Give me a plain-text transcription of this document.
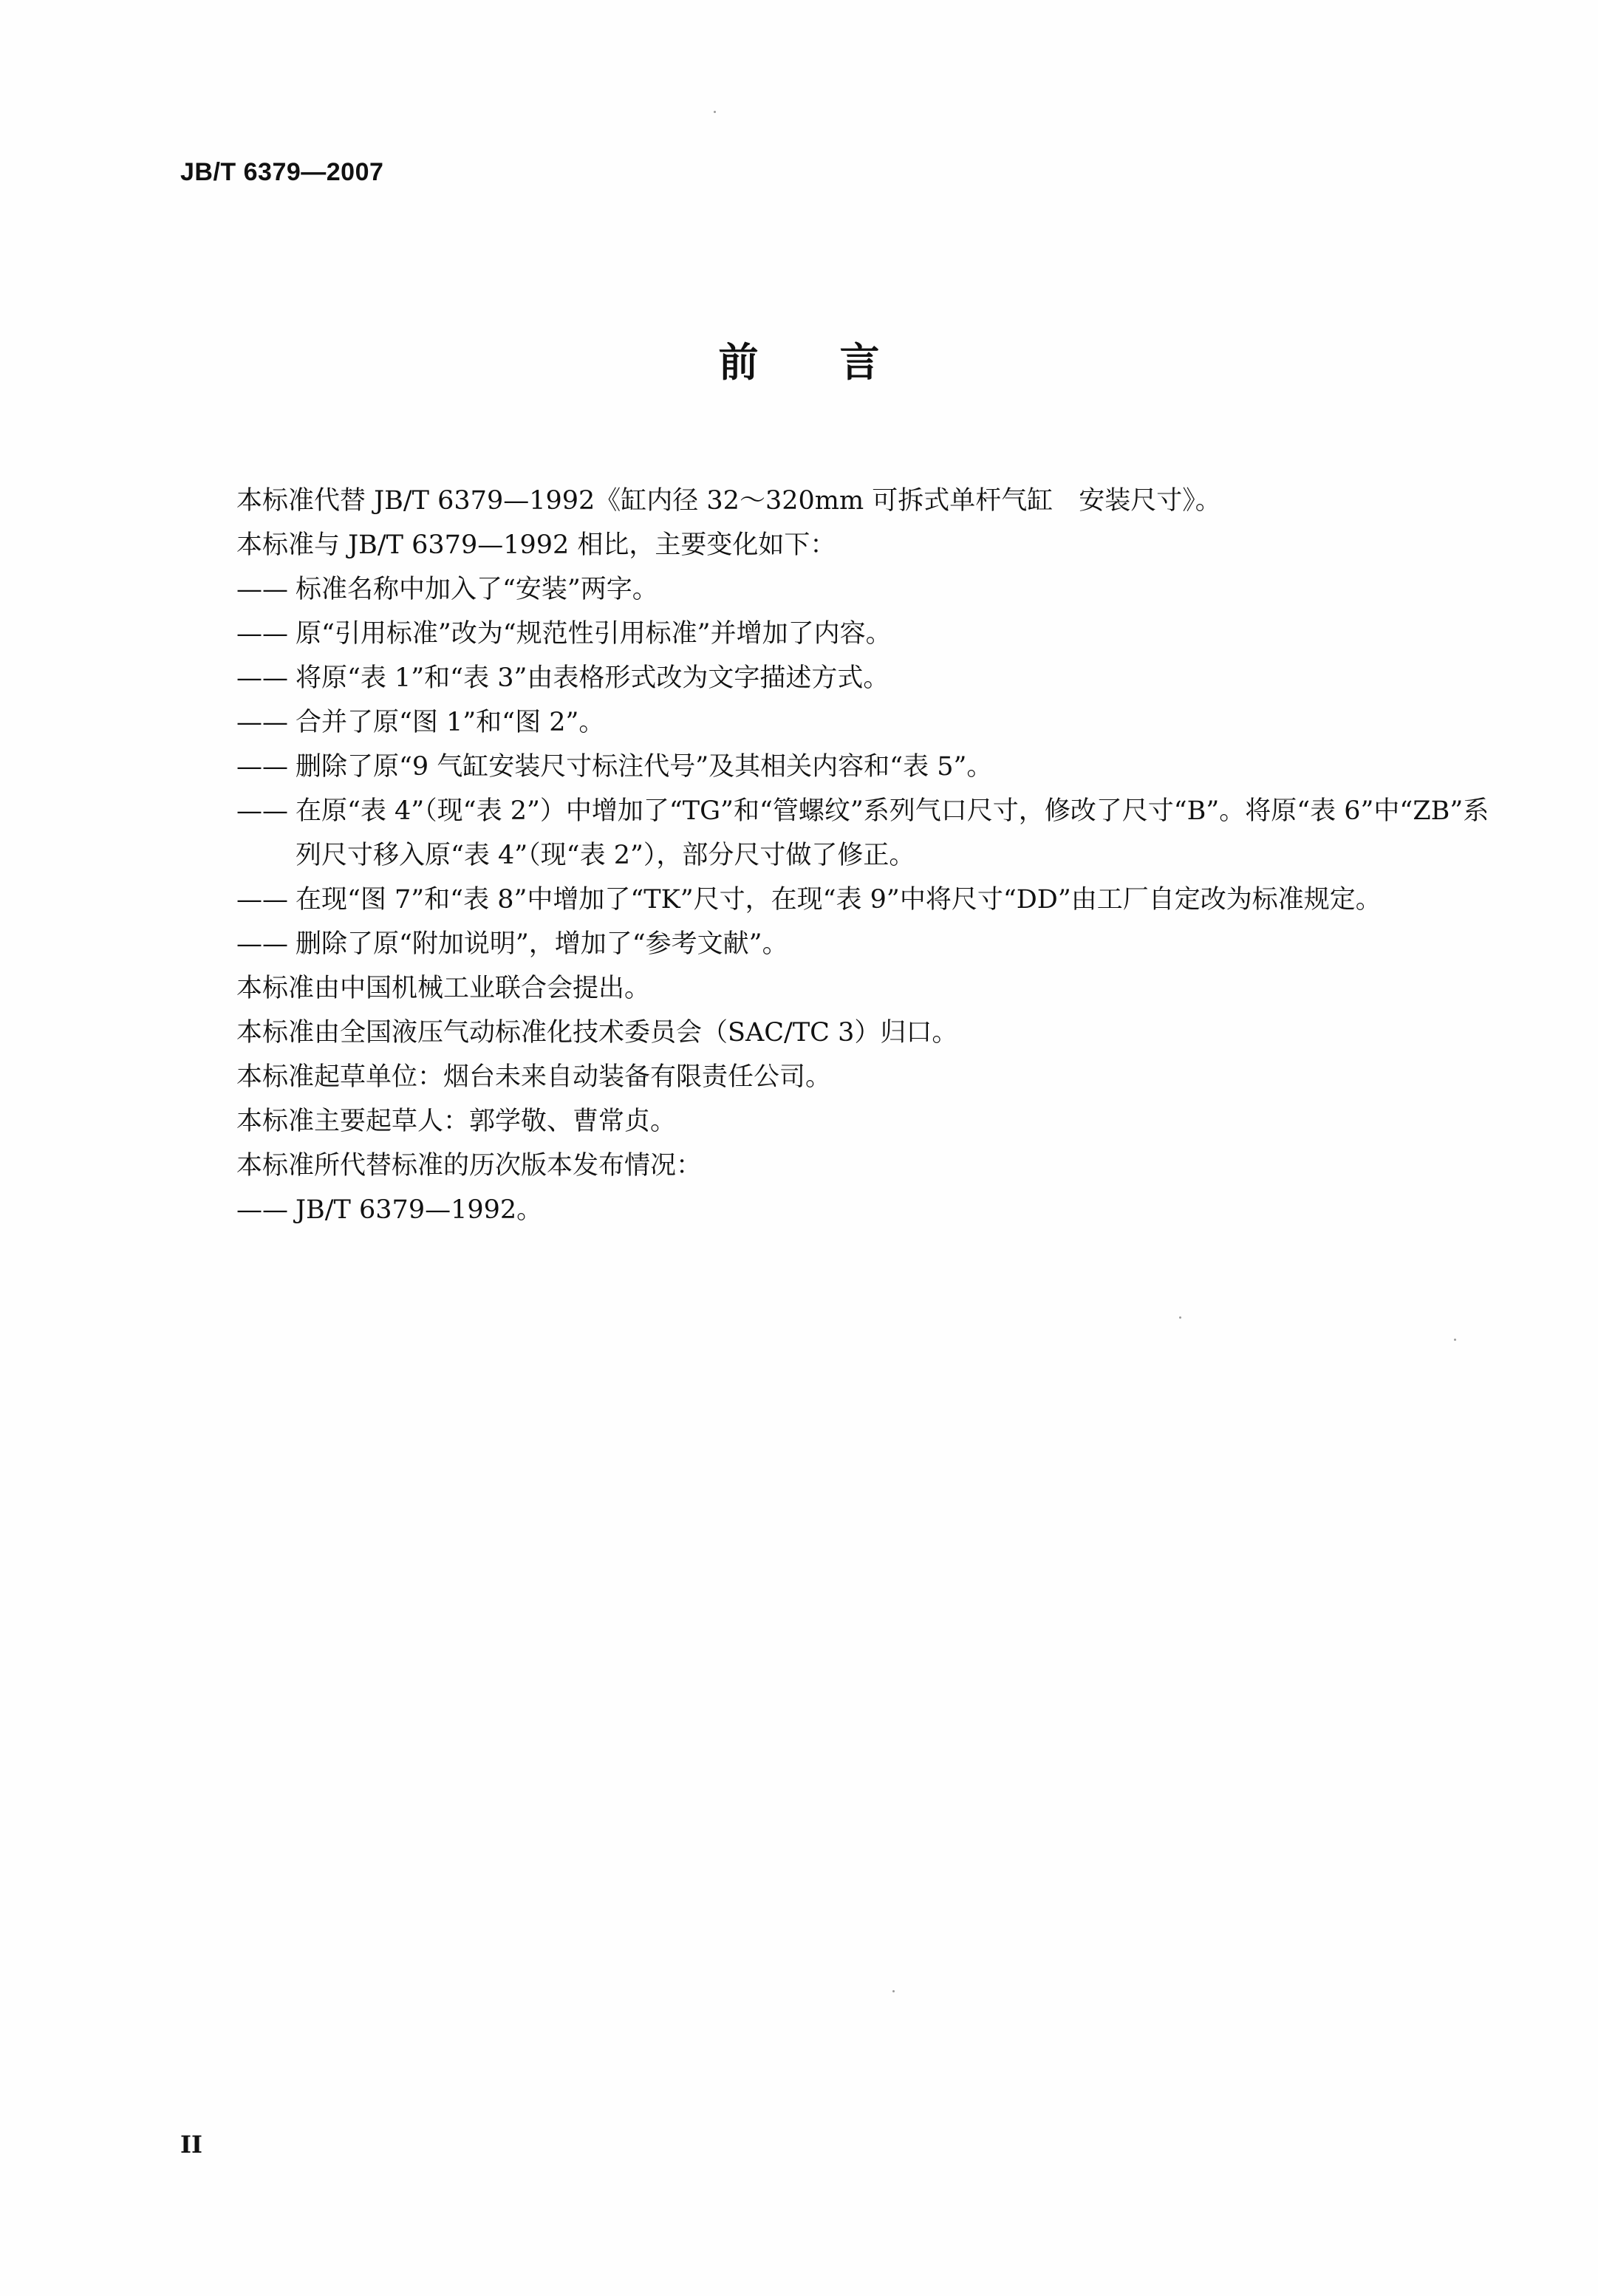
JB/T 6379—2007
前言
本标准代替 JB/T 6379—1992《缸内径 32～320mm 可拆式单杆气缸　安装尺寸》。
本标准与 JB/T 6379—1992 相比，主要变化如下：
—— 标准名称中加入了“安装”两字。
—— 原“引用标准”改为“规范性引用标准”并增加了内容。
—— 将原“表 1”和“表 3”由表格形式改为文字描述方式。
—— 合并了原“图 1”和“图 2”。
—— 删除了原“9 气缸安装尺寸标注代号”及其相关内容和“表 5”。
—— 在原“表 4”（现“表 2”）中增加了“TG”和“管螺纹”系列气口尺寸，修改了尺寸“B”。将原“表 6”中“ZB”系列尺寸移入原“表 4”（现“表 2”），部分尺寸做了修正。
—— 在现“图 7”和“表 8”中增加了“TK”尺寸，在现“表 9”中将尺寸“DD”由工厂自定改为标准规定。
—— 删除了原“附加说明”，增加了“参考文献”。
本标准由中国机械工业联合会提出。
本标准由全国液压气动标准化技术委员会（SAC/TC 3）归口。
本标准起草单位：烟台未来自动装备有限责任公司。
本标准主要起草人：郭学敬、曹常贞。
本标准所代替标准的历次版本发布情况：
—— JB/T 6379—1992。
II
